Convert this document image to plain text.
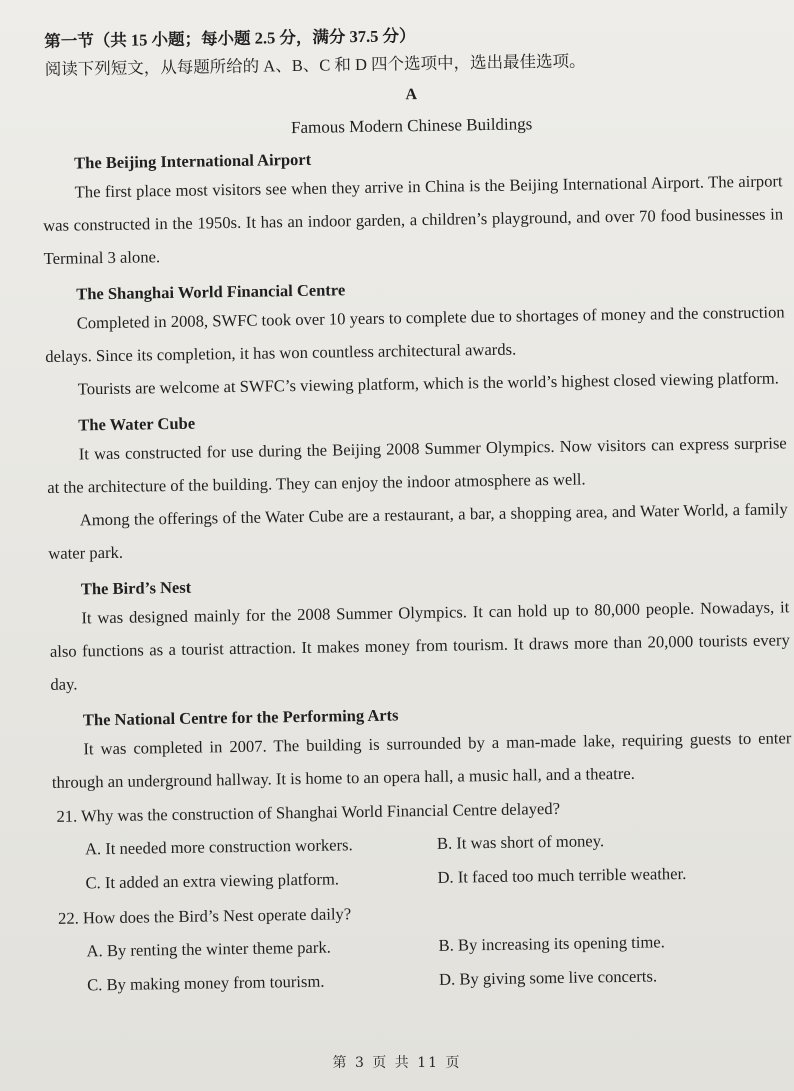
第一节（共 15 小题；每小题 2.5 分，满分 37.5 分）
阅读下列短文，从每题所给的 A、B、C 和 D 四个选项中，选出最佳选项。
A
Famous Modern Chinese Buildings
The Beijing International Airport

The first place most visitors see when they arrive in China is the Beijing International Airport. The airport was constructed in the 1950s. It has an indoor garden, a children’s playground, and over 70 food businesses in Terminal 3 alone.

The Shanghai World Financial Centre

Completed in 2008, SWFC took over 10 years to complete due to shortages of money and the construction delays. Since its completion, it has won countless architectural awards.

Tourists are welcome at SWFC’s viewing platform, which is the world’s highest closed viewing platform.

The Water Cube

It was constructed for use during the Beijing 2008 Summer Olympics. Now visitors can express surprise at the architecture of the building. They can enjoy the indoor atmosphere as well.

Among the offerings of the Water Cube are a restaurant, a bar, a shopping area, and Water World, a family water park.

The Bird’s Nest

It was designed mainly for the 2008 Summer Olympics. It can hold up to 80,000 people. Nowadays, it also functions as a tourist attraction. It makes money from tourism. It draws more than 20,000 tourists every day.

The National Centre for the Performing Arts

It was completed in 2007. The building is surrounded by a man-made lake, requiring guests to enter through an underground hallway. It is home to an opera hall, a music hall, and a theatre.

21. Why was the construction of Shanghai World Financial Centre delayed?
A. It needed more construction workers.	B. It was short of money.
C. It added an extra viewing platform.	D. It faced too much terrible weather.
22. How does the Bird’s Nest operate daily?
A. By renting the winter theme park.	B. By increasing its opening time.
C. By making money from tourism.	D. By giving some live concerts.
第 3 页 共 11 页
